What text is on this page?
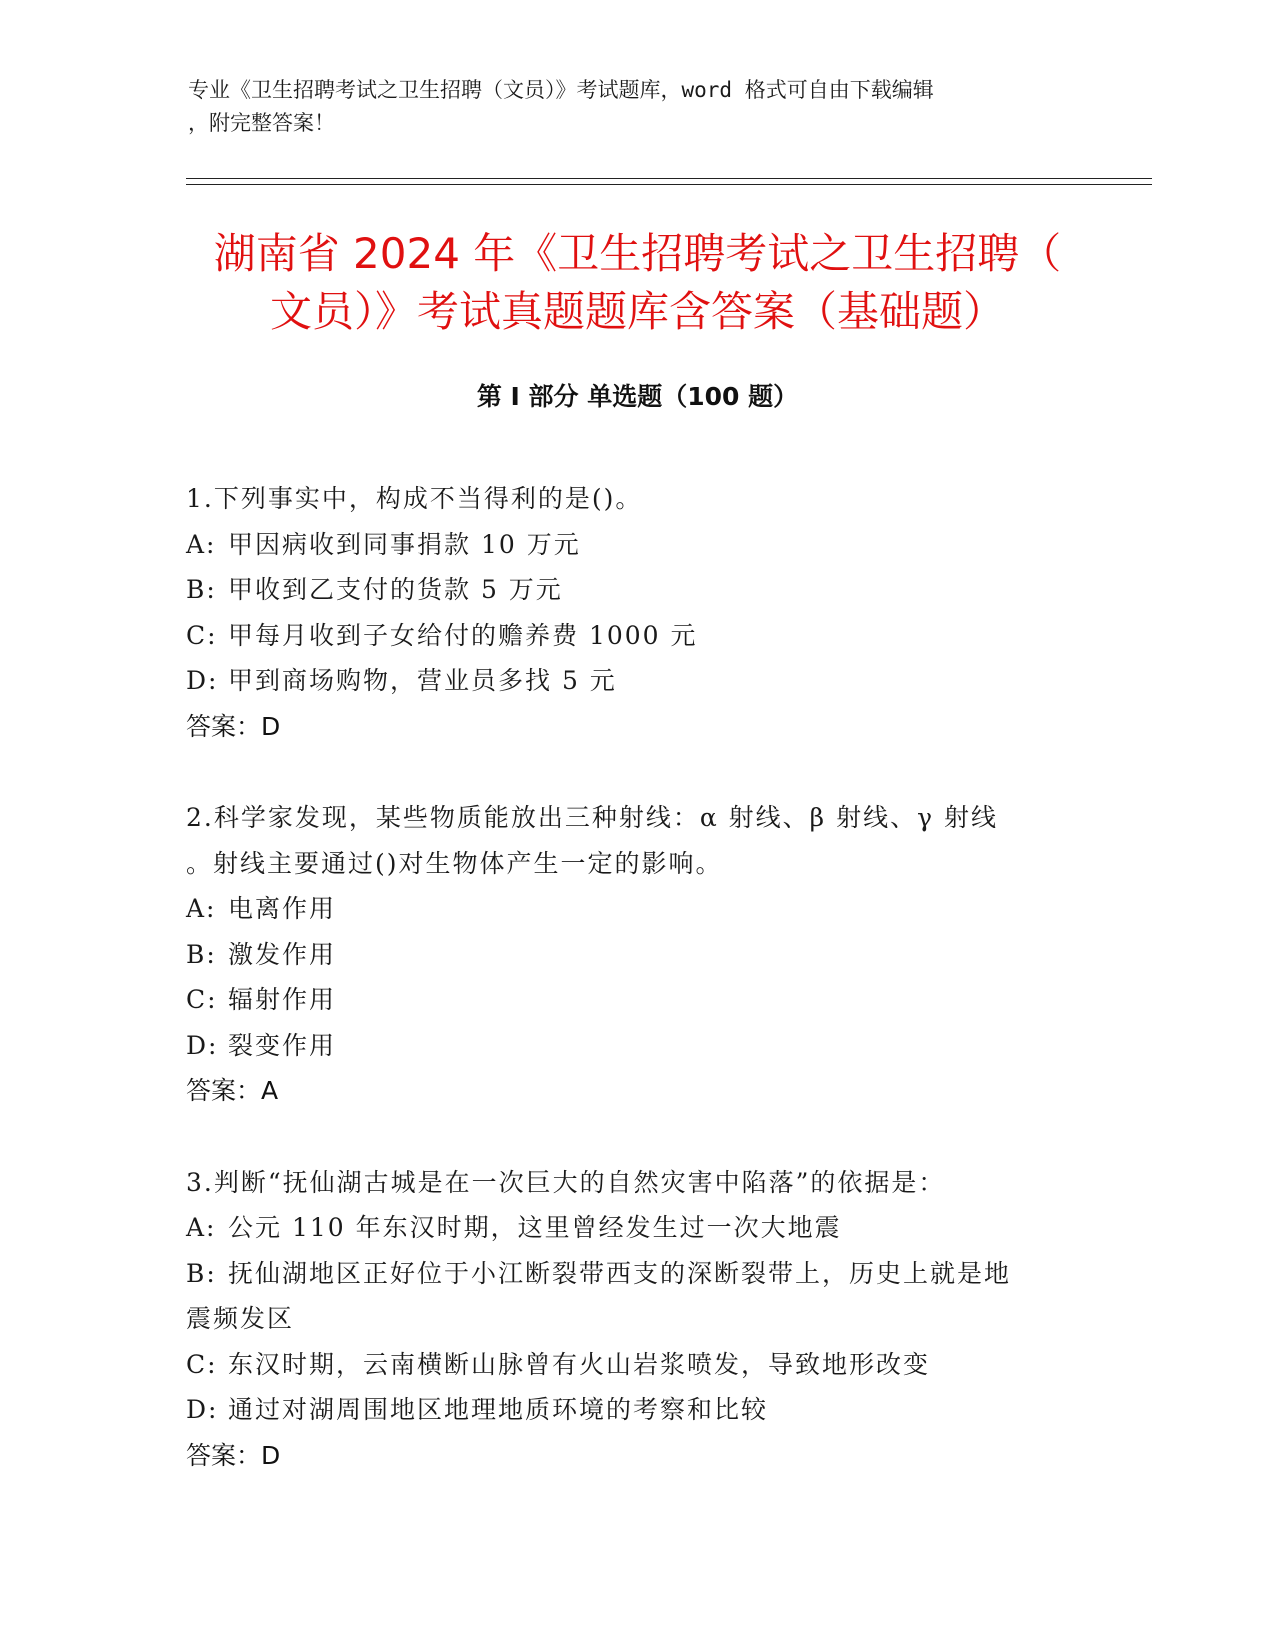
专业《卫生招聘考试之卫生招聘（文员）》考试题库，word 格式可自由下载编辑
，附完整答案！
湖南省 2024 年《卫生招聘考试之卫生招聘（
文员）》考试真题题库含答案（基础题）
第 I 部分 单选题（100 题）
1.下列事实中，构成不当得利的是()。
A: 甲因病收到同事捐款 10 万元
B: 甲收到乙支付的货款 5 万元
C: 甲每月收到子女给付的赡养费 1000 元
D: 甲到商场购物，营业员多找 5 元
答案：D
2.科学家发现，某些物质能放出三种射线：α 射线、β 射线、γ 射线
。射线主要通过()对生物体产生一定的影响。
A: 电离作用
B: 激发作用
C: 辐射作用
D: 裂变作用
答案：A
3.判断“抚仙湖古城是在一次巨大的自然灾害中陷落”的依据是：
A: 公元 110 年东汉时期，这里曾经发生过一次大地震
B: 抚仙湖地区正好位于小江断裂带西支的深断裂带上，历史上就是地
震频发区
C: 东汉时期，云南横断山脉曾有火山岩浆喷发，导致地形改变
D: 通过对湖周围地区地理地质环境的考察和比较
答案：D
